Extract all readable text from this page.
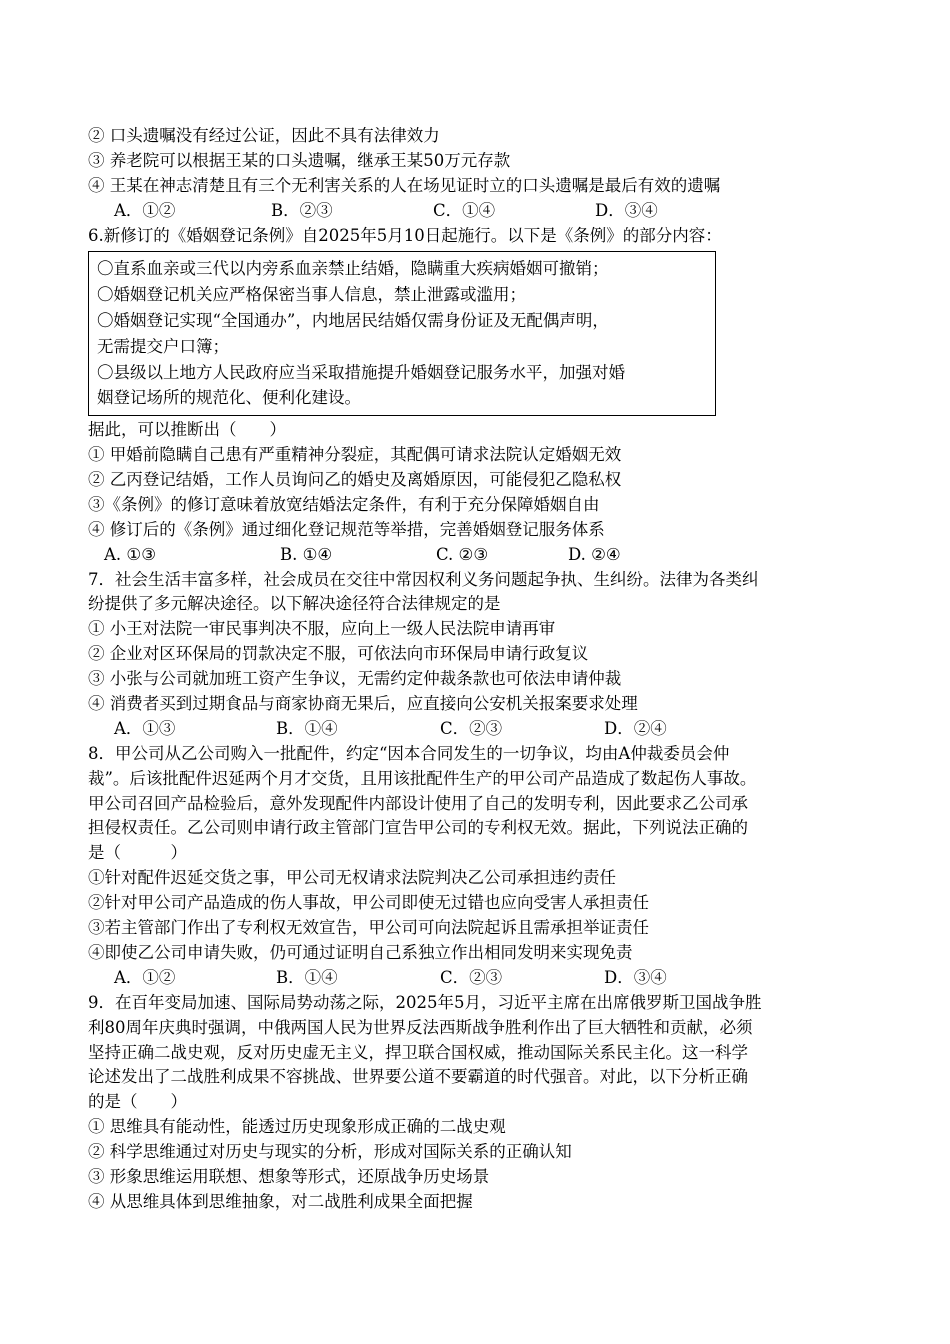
② 口头遗嘱没有经过公证，因此不具有法律效力
③ 养老院可以根据王某的口头遗嘱，继承王某50万元存款
④ 王某在神志清楚且有三个无利害关系的人在场见证时立的口头遗嘱是最后有效的遗嘱
A．①②	B．②③	C．①④	D．③④
6.新修订的《婚姻登记条例》自2025年5月10日起施行。以下是《条例》的部分内容：
〇直系血亲或三代以内旁系血亲禁止结婚，隐瞒重大疾病婚姻可撤销；
〇婚姻登记机关应严格保密当事人信息，禁止泄露或滥用；
〇婚姻登记实现“全国通办”，内地居民结婚仅需身份证及无配偶声明，
无需提交户口簿；
〇县级以上地方人民政府应当采取措施提升婚姻登记服务水平，加强对婚
姻登记场所的规范化、便利化建设。
据此，可以推断出（　　）
① 甲婚前隐瞒自己患有严重精神分裂症，其配偶可请求法院认定婚姻无效
② 乙丙登记结婚，工作人员询问乙的婚史及离婚原因，可能侵犯乙隐私权
③《条例》的修订意味着放宽结婚法定条件，有利于充分保障婚姻自由
④ 修订后的《条例》通过细化登记规范等举措，完善婚姻登记服务体系
A. ①③	B. ①④	C. ②③	D. ②④
7．社会生活丰富多样，社会成员在交往中常因权利义务问题起争执、生纠纷。法律为各类纠
纷提供了多元解决途径。以下解决途径符合法律规定的是
① 小王对法院一审民事判决不服，应向上一级人民法院申请再审
② 企业对区环保局的罚款决定不服，可依法向市环保局申请行政复议
③ 小张与公司就加班工资产生争议，无需约定仲裁条款也可依法申请仲裁
④ 消费者买到过期食品与商家协商无果后，应直接向公安机关报案要求处理
A．①③	B．①④	C．②③	D．②④
8．甲公司从乙公司购入一批配件，约定“因本合同发生的一切争议，均由A仲裁委员会仲
裁”。后该批配件迟延两个月才交货，且用该批配件生产的甲公司产品造成了数起伤人事故。
甲公司召回产品检验后，意外发现配件内部设计使用了自己的发明专利，因此要求乙公司承
担侵权责任。乙公司则申请行政主管部门宣告甲公司的专利权无效。据此，下列说法正确的
是（　　　）
①针对配件迟延交货之事，甲公司无权请求法院判决乙公司承担违约责任
②针对甲公司产品造成的伤人事故，甲公司即使无过错也应向受害人承担责任
③若主管部门作出了专利权无效宣告，甲公司可向法院起诉且需承担举证责任
④即使乙公司申请失败，仍可通过证明自己系独立作出相同发明来实现免责
A．①②	B．①④	C．②③	D．③④
9．在百年变局加速、国际局势动荡之际，2025年5月，习近平主席在出席俄罗斯卫国战争胜
利80周年庆典时强调，中俄两国人民为世界反法西斯战争胜利作出了巨大牺牲和贡献，必须
坚持正确二战史观，反对历史虚无主义，捍卫联合国权威，推动国际关系民主化。这一科学
论述发出了二战胜利成果不容挑战、世界要公道不要霸道的时代强音。对此，以下分析正确
的是（　　）
① 思维具有能动性，能透过历史现象形成正确的二战史观
② 科学思维通过对历史与现实的分析，形成对国际关系的正确认知
③ 形象思维运用联想、想象等形式，还原战争历史场景
④ 从思维具体到思维抽象，对二战胜利成果全面把握
